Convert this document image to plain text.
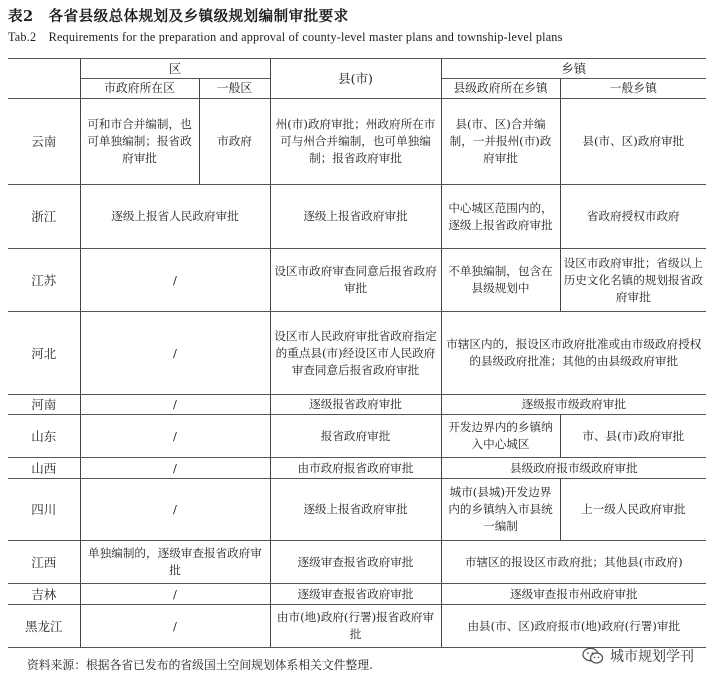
表2　各省县级总体规划及乡镇级规划编制审批要求
Tab.2　Requirements for the preparation and approval of county-level master plans and township-level plans
	区		县(市)	乡镇	
	市政府所在区	一般区		县级政府所在乡镇	一般乡镇
云南	可和市合并编制，也可单独编制；报省政府审批	市政府	州(市)政府审批；州政府所在市可与州合并编制，也可单独编制；报省政府审批	县(市、区)合并编制，一并报州(市)政府审批	县(市、区)政府审批
浙江	逐级上报省人民政府审批		逐级上报省政府审批	中心城区范围内的，逐级上报省政府审批	省政府授权市政府
江苏	/		设区市政府审查同意后报省政府审批	不单独编制，包含在县级规划中	设区市政府审批；省级以上历史文化名镇的规划报省政府审批
河北	/		设区市人民政府审批省政府指定的重点县(市)经设区市人民政府审查同意后报省政府审批	市辖区内的，报设区市政府批准或由市级政府授权的县级政府批准；其他的由县级政府审批	
河南	/		逐级报省政府审批	逐级报市级政府审批	
山东	/		报省政府审批	开发边界内的乡镇纳入中心城区	市、县(市)政府审批
山西	/		由市政府报省政府审批	县级政府报市级政府审批	
四川	/		逐级上报省政府审批	城市(县城)开发边界内的乡镇纳入市县统一编制	上一级人民政府审批
江西	单独编制的，逐级审查报省政府审批		逐级审查报省政府审批	市辖区的报设区市政府批；其他县(市政府)	
吉林	/		逐级审查报省政府审批	逐级审查报市州政府审批	
黑龙江	/		由市(地)政府(行署)报省政府审批	由县(市、区)政府报市(地)政府(行署)审批	
资料来源：根据各省已发布的省级国土空间规划体系相关文件整理.	城市规划学刊
